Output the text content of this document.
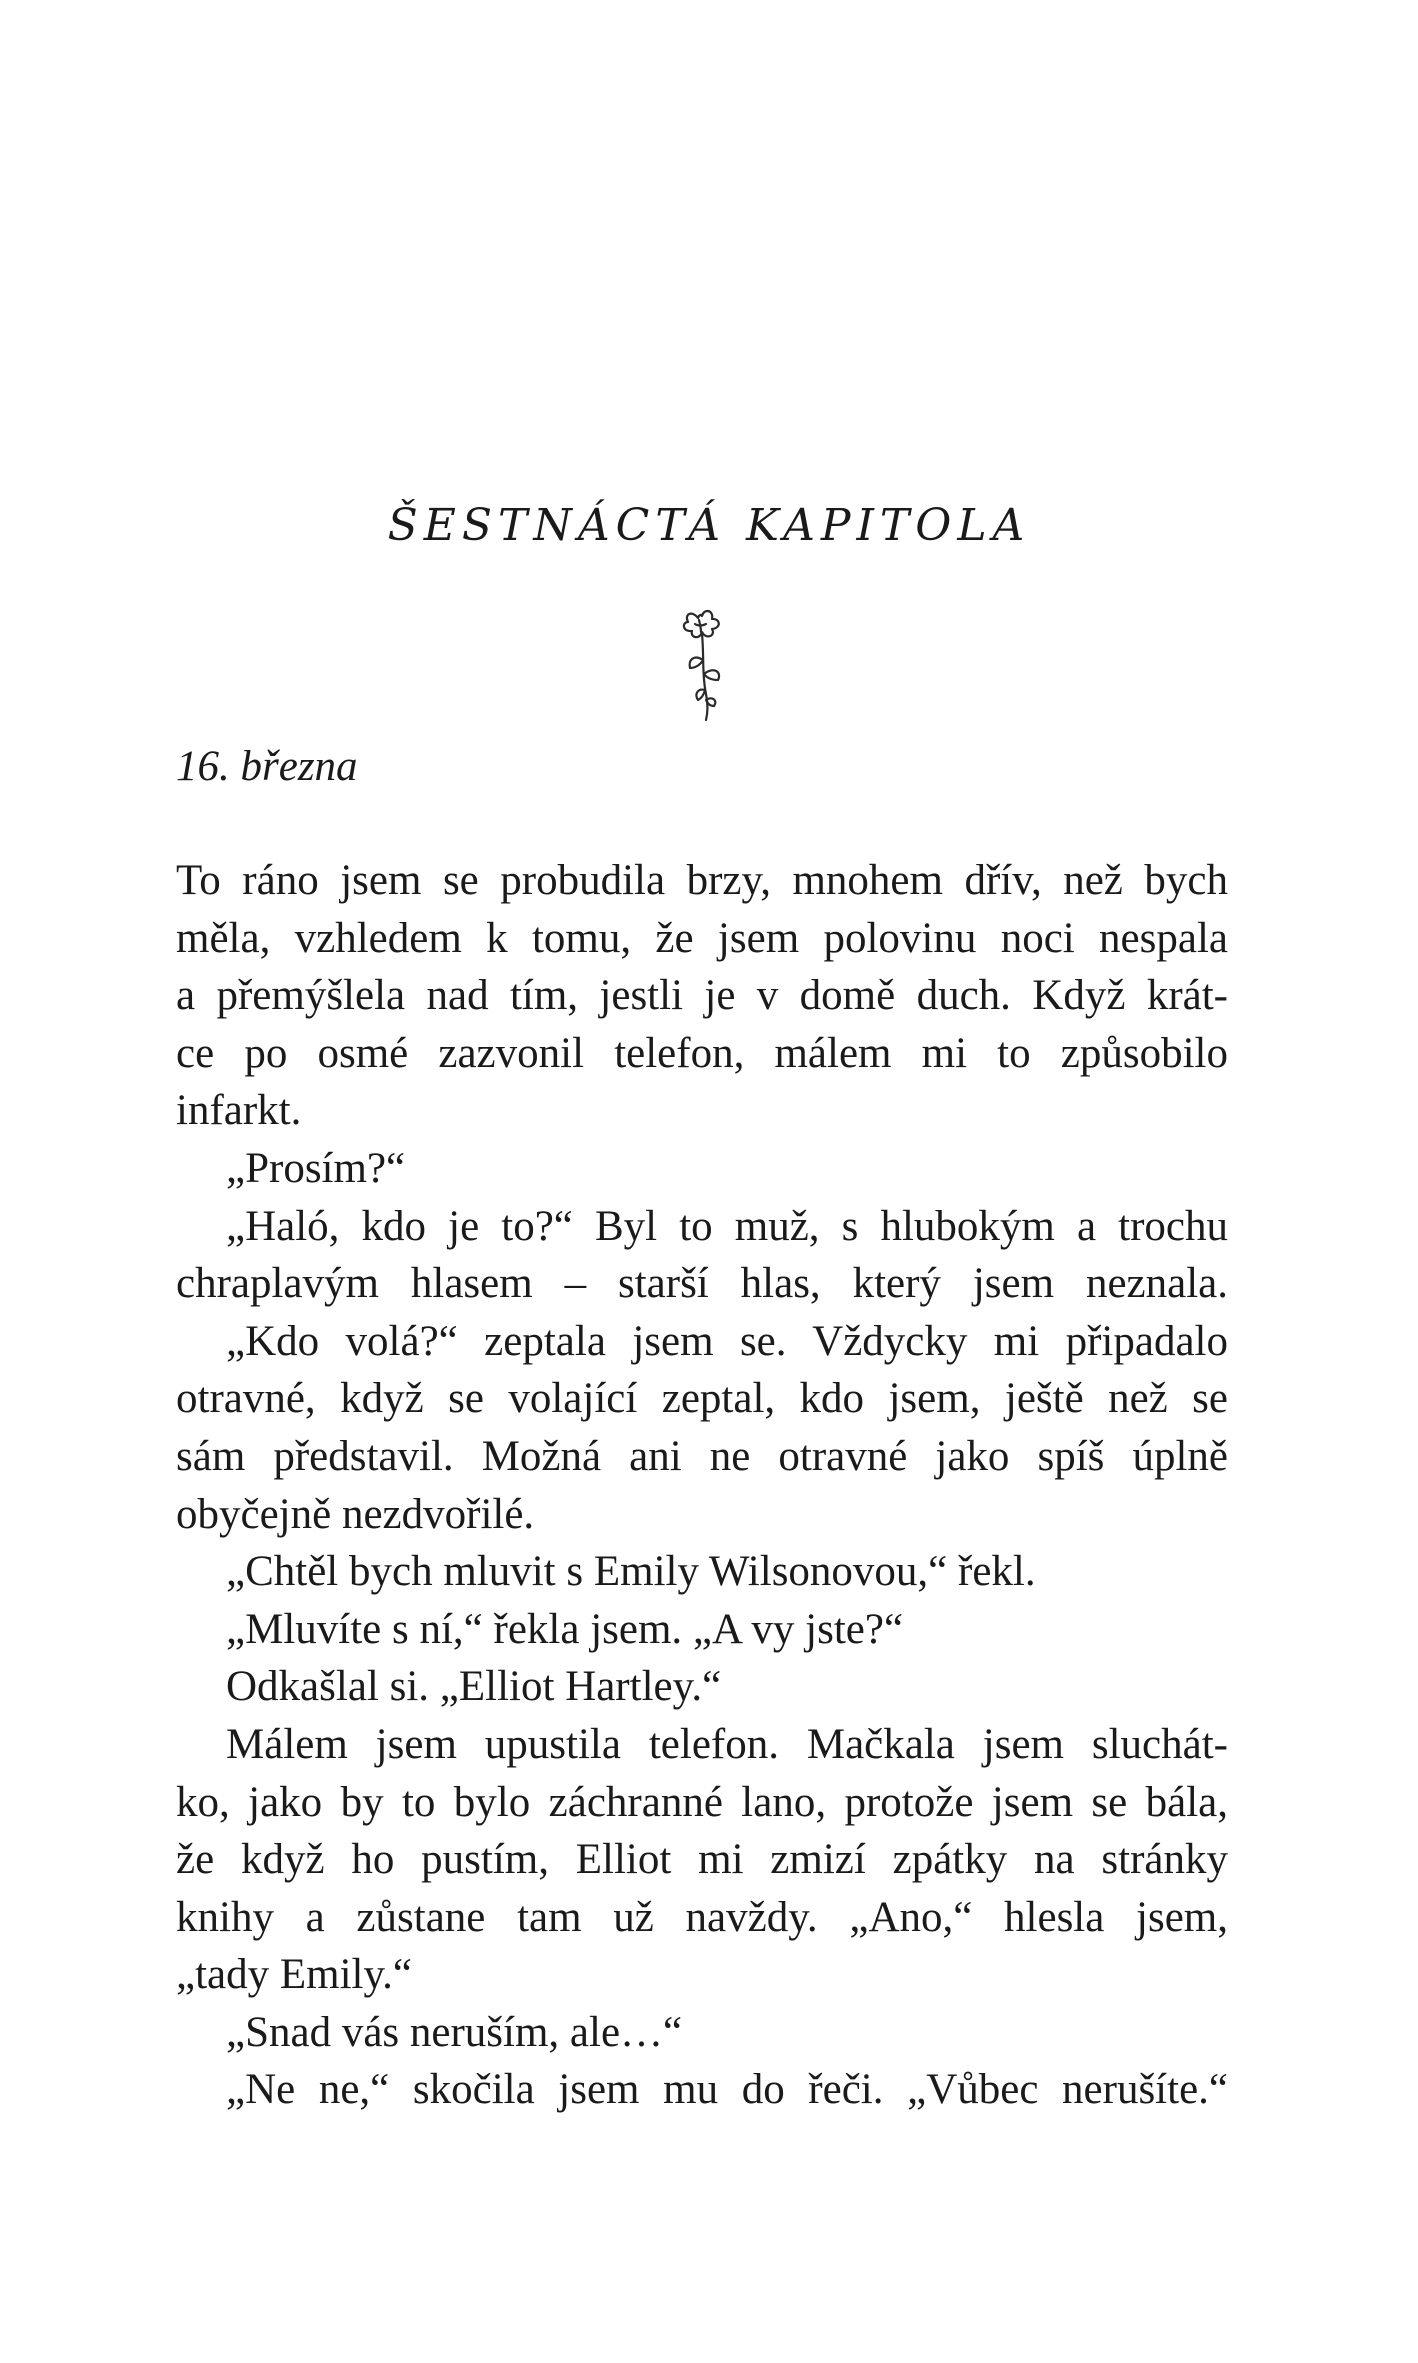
ŠESTNÁCTÁ KAPITOLA
16. března
To ráno jsem se probudila brzy, mnohem dřív, než bych
měla, vzhledem k tomu, že jsem polovinu noci nespala
a přemýšlela nad tím, jestli je v domě duch. Když krát-
ce po osmé zazvonil telefon, málem mi to způsobilo
infarkt.
„Prosím?“
„Haló, kdo je to?“ Byl to muž, s hlubokým a trochu
chraplavým hlasem – starší hlas, který jsem neznala.
„Kdo volá?“ zeptala jsem se. Vždycky mi připadalo
otravné, když se volající zeptal, kdo jsem, ještě než se
sám představil. Možná ani ne otravné jako spíš úplně
obyčejně nezdvořilé.
„Chtěl bych mluvit s Emily Wilsonovou,“ řekl.
„Mluvíte s ní,“ řekla jsem. „A vy jste?“
Odkašlal si. „Elliot Hartley.“
Málem jsem upustila telefon. Mačkala jsem sluchát-
ko, jako by to bylo záchranné lano, protože jsem se bála,
že když ho pustím, Elliot mi zmizí zpátky na stránky
knihy a zůstane tam už navždy. „Ano,“ hlesla jsem,
„tady Emily.“
„Snad vás neruším, ale…“
„Ne ne,“ skočila jsem mu do řeči. „Vůbec nerušíte.“
